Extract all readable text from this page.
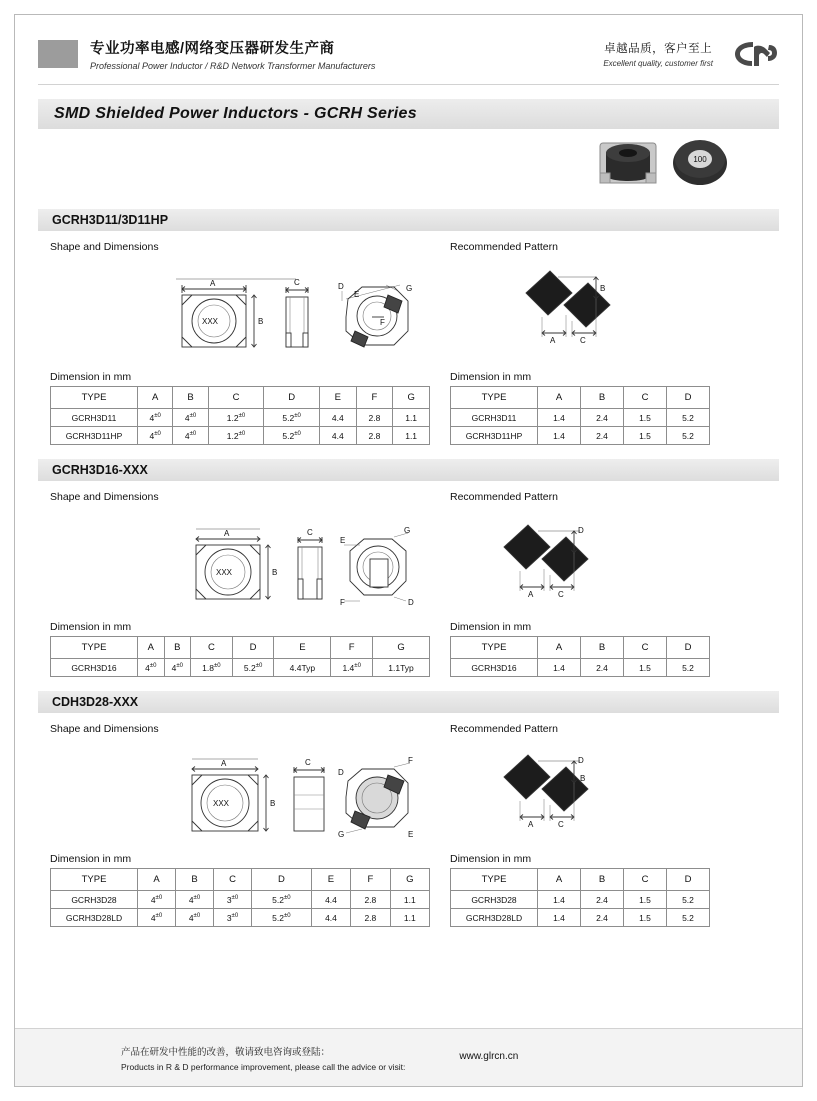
专业功率电感/网络变压器研发生产商
Professional Power Inductor / R&D Network Transformer Manufacturers
卓越品质，客户至上
Excellent quality, customer first
SMD Shielded Power Inductors - GCRH Series
100
GCRH3D11/3D11HP
Shape and Dimensions
A
B
XXX
C	D
E
F
G
Dimension in mm
TYPE	A	B	C	D	E	F	G
GCRH3D11	$4^{\pm 0}$	$4^{\pm 0}$	$1.2^{\pm 0}$	$5.2^{\pm 0}$	4.4	2.8	1.1
GCRH3D11HP	$4^{\pm 0}$	$4^{\pm 0}$	$1.2^{\pm 0}$	$5.2^{\pm 0}$	4.4	2.8	1.1
Recommended Pattern
B
A	C
Dimension in mm
TYPE	A	B	C	D
GCRH3D11	1.4	2.4	1.5	5.2
GCRH3D11HP	1.4	2.4	1.5	5.2
GCRH3D16-XXX
Shape and Dimensions
A
B
XXX
C
E
G
F	D
Dimension in mm
TYPE	A	B	C	D	E	F	G
GCRH3D16	$4^{\pm 0}$	$4^{\pm 0}$	$1.8^{\pm 0}$	$5.2^{\pm 0}$	4.4Typ	$1.4^{\pm 0}$	1.1Typ
Recommended Pattern
D
A	C
Dimension in mm
TYPE	A	B	C	D
GCRH3D16	1.4	2.4	1.5	5.2
CDH3D28-XXX
Shape and Dimensions
A
B
XXX
C
D
F
G	E
Dimension in mm
TYPE	A	B	C	D	E	F	G
GCRH3D28	$4^{\pm 0}$	$4^{\pm 0}$	$3^{\pm 0}$	$5.2^{\pm 0}$	4.4	2.8	1.1
GCRH3D28LD	$4^{\pm 0}$	$4^{\pm 0}$	$3^{\pm 0}$	$5.2^{\pm 0}$	4.4	2.8	1.1
Recommended Pattern
D
B
A	C
Dimension in mm
TYPE	A	B	C	D
GCRH3D28	1.4	2.4	1.5	5.2
GCRH3D28LD	1.4	2.4	1.5	5.2
产品在研发中性能的改善，敬请致电咨询或登陆：
Products in R & D performance improvement, please call the advice or visit:
www.glrcn.cn
